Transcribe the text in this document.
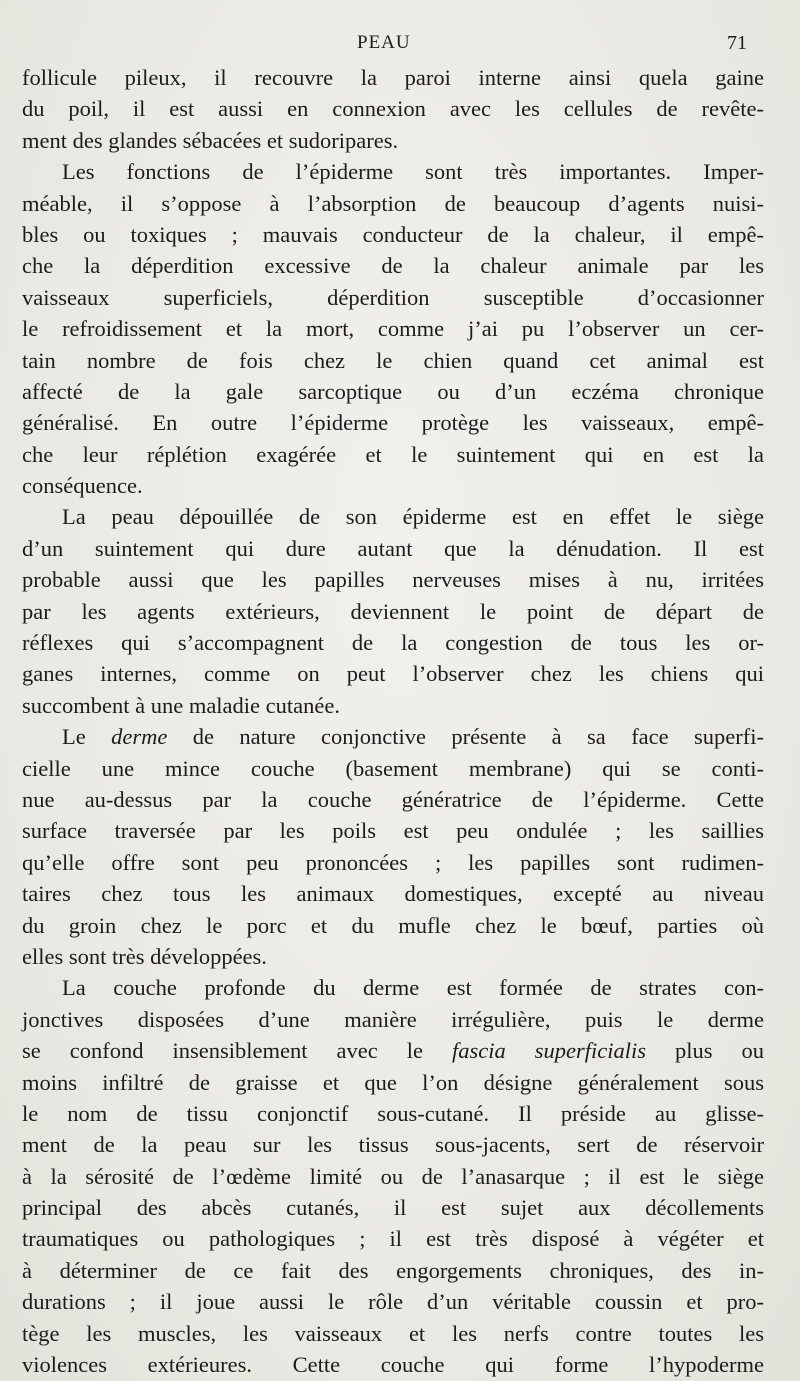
PEAU	71
follicule pileux, il recouvre la paroi interne ainsi quela gaine
du poil, il est aussi en connexion avec les cellules de revête-
ment des glandes sébacées et sudoripares.
Les fonctions de l’épiderme sont très importantes. Imper-
méable, il s’oppose à l’absorption de beaucoup d’agents nuisi-
bles ou toxiques ; mauvais conducteur de la chaleur, il empê-
che la déperdition excessive de la chaleur animale par les
vaisseaux superficiels, déperdition susceptible d’occasionner
le refroidissement et la mort, comme j’ai pu l’observer un cer-
tain nombre de fois chez le chien quand cet animal est
affecté de la gale sarcoptique ou d’un eczéma chronique
généralisé. En outre l’épiderme protège les vaisseaux, empê-
che leur réplétion exagérée et le suintement qui en est la
conséquence.
La peau dépouillée de son épiderme est en effet le siège
d’un suintement qui dure autant que la dénudation. Il est
probable aussi que les papilles nerveuses mises à nu, irritées
par les agents extérieurs, deviennent le point de départ de
réflexes qui s’accompagnent de la congestion de tous les or-
ganes internes, comme on peut l’observer chez les chiens qui
succombent à une maladie cutanée.
Le derme de nature conjonctive présente à sa face superfi-
cielle une mince couche (basement membrane) qui se conti-
nue au-dessus par la couche génératrice de l’épiderme. Cette
surface traversée par les poils est peu ondulée ; les saillies
qu’elle offre sont peu prononcées ; les papilles sont rudimen-
taires chez tous les animaux domestiques, excepté au niveau
du groin chez le porc et du mufle chez le bœuf, parties où
elles sont très développées.
La couche profonde du derme est formée de strates con-
jonctives disposées d’une manière irrégulière, puis le derme
se confond insensiblement avec le fascia superficialis plus ou
moins infiltré de graisse et que l’on désigne généralement sous
le nom de tissu conjonctif sous-cutané. Il préside au glisse-
ment de la peau sur les tissus sous-jacents, sert de réservoir
à la sérosité de l’œdème limité ou de l’anasarque ; il est le siège
principal des abcès cutanés, il est sujet aux décollements
traumatiques ou pathologiques ; il est très disposé à végéter et
à déterminer de ce fait des engorgements chroniques, des in-
durations ; il joue aussi le rôle d’un véritable coussin et pro-
tège les muscles, les vaisseaux et les nerfs contre toutes les
violences extérieures. Cette couche qui forme l’hypoderme
